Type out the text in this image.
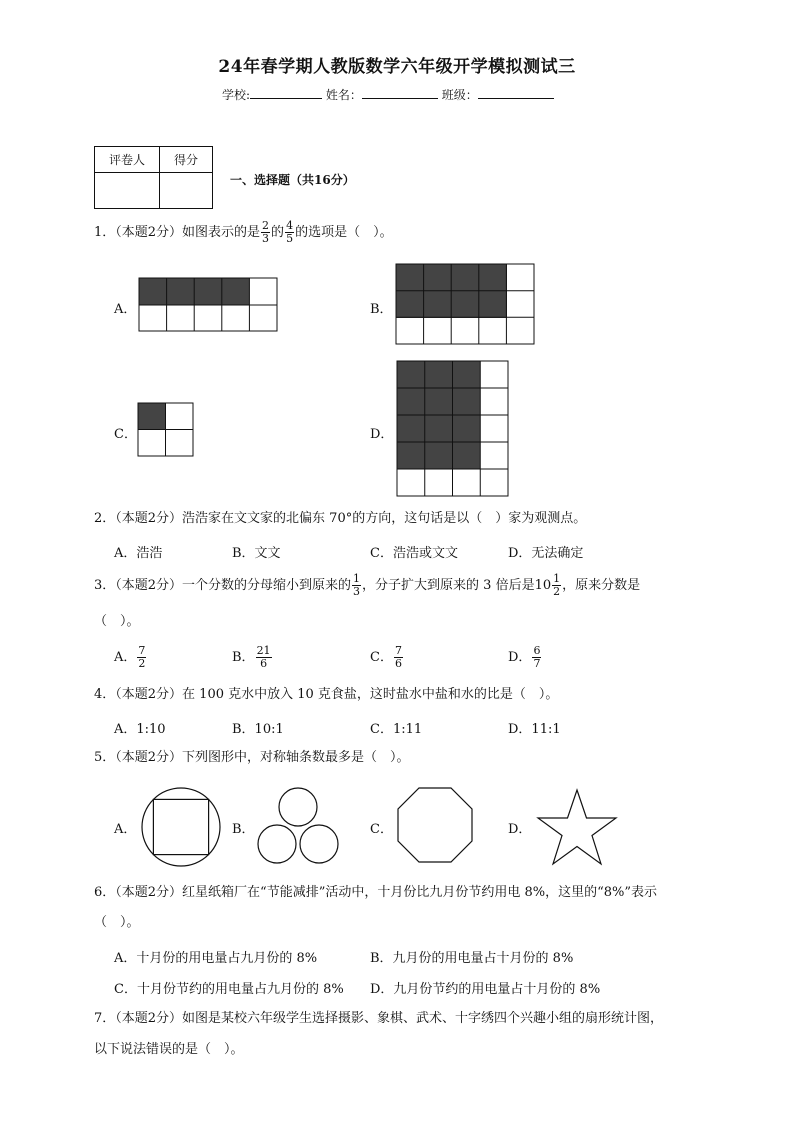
24年春学期人教版数学六年级开学模拟测试三
学校:	姓名：	班级：
评卷人	得分

一、选择题（共16分）
1．（本题2分）如图表示的是 $\frac{2}{3}$ 的 $\frac{4}{5}$ 的选项是（　）。
A．	B．
C．	D．
2．（本题2分）浩浩家在文文家的北偏东 70°的方向，这句话是以（　）家为观测点。
A．浩浩	B．文文	C．浩浩或文文	D．无法确定
3．（本题2分）一个分数的分母缩小到原来的 $\frac{1}{3}$ ，分子扩大到原来的 3 倍后是$10 \frac{1}{2}$ ，原来分数是
（　）。
A． $\frac{7}{2}$	B． $\frac{21}{6}$	C． $\frac{7}{6}$	D． $\frac{6}{7}$
4．（本题2分）在 100 克水中放入 10 克食盐，这时盐水中盐和水的比是（　）。
A．1:10	B．10:1	C．1:11	D．11:1
5．（本题2分）下列图形中，对称轴条数最多是（　）。
A．	B．	C．	D．
6．（本题2分）红星纸箱厂在“节能减排”活动中，十月份比九月份节约用电 8%，这里的“8%”表示
（　）。
A．十月份的用电量占九月份的 8%	B．九月份的用电量占十月份的 8%
C．十月份节约的用电量占九月份的 8% D．九月份节约的用电量占十月份的 8%
7．（本题2分）如图是某校六年级学生选择摄影、象棋、武术、十字绣四个兴趣小组的扇形统计图，
以下说法错误的是（　）。
